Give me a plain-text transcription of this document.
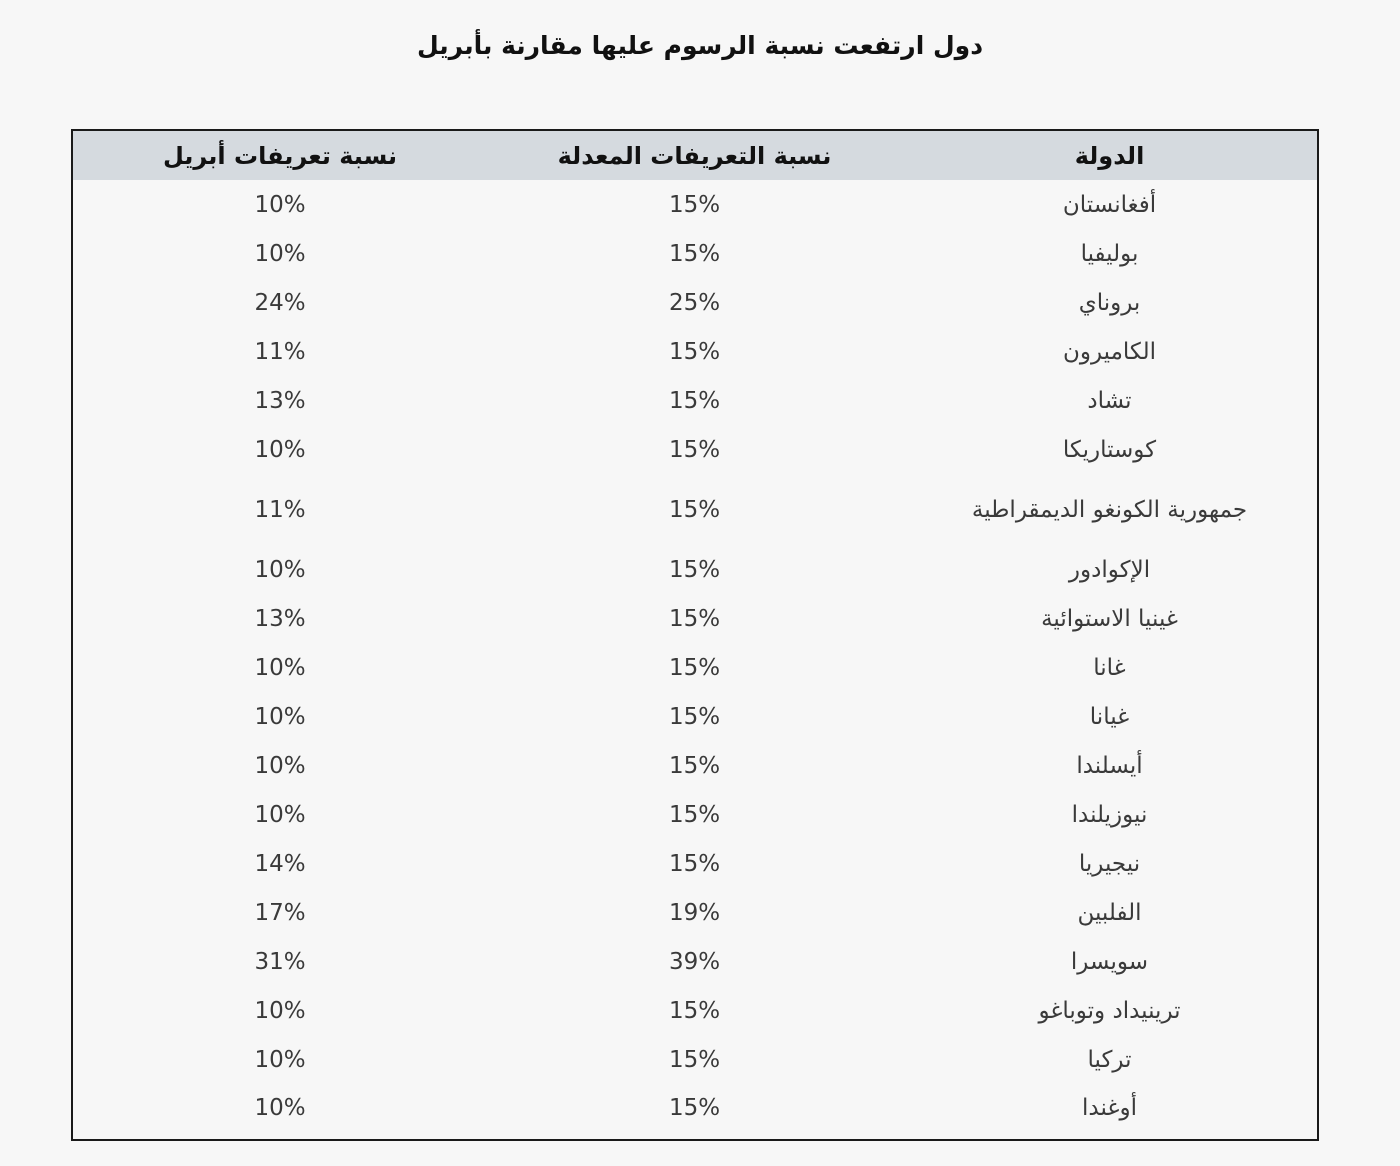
دول ارتفعت نسبة الرسوم عليها مقارنة بأبريل
الدولة
نسبة التعريفات المعدلة
نسبة تعريفات أبريل
أفغانستان
15%
10%
بوليفيا
15%
10%
بروناي
25%
24%
الكاميرون
15%
11%
تشاد
15%
13%
كوستاريكا
15%
10%
جمهورية الكونغو الديمقراطية
15%
11%
الإكوادور
15%
10%
غينيا الاستوائية
15%
13%
غانا
15%
10%
غيانا
15%
10%
أيسلندا
15%
10%
نيوزيلندا
15%
10%
نيجيريا
15%
14%
الفلبين
19%
17%
سويسرا
39%
31%
ترينيداد وتوباغو
15%
10%
تركيا
15%
10%
أوغندا
15%
10%
